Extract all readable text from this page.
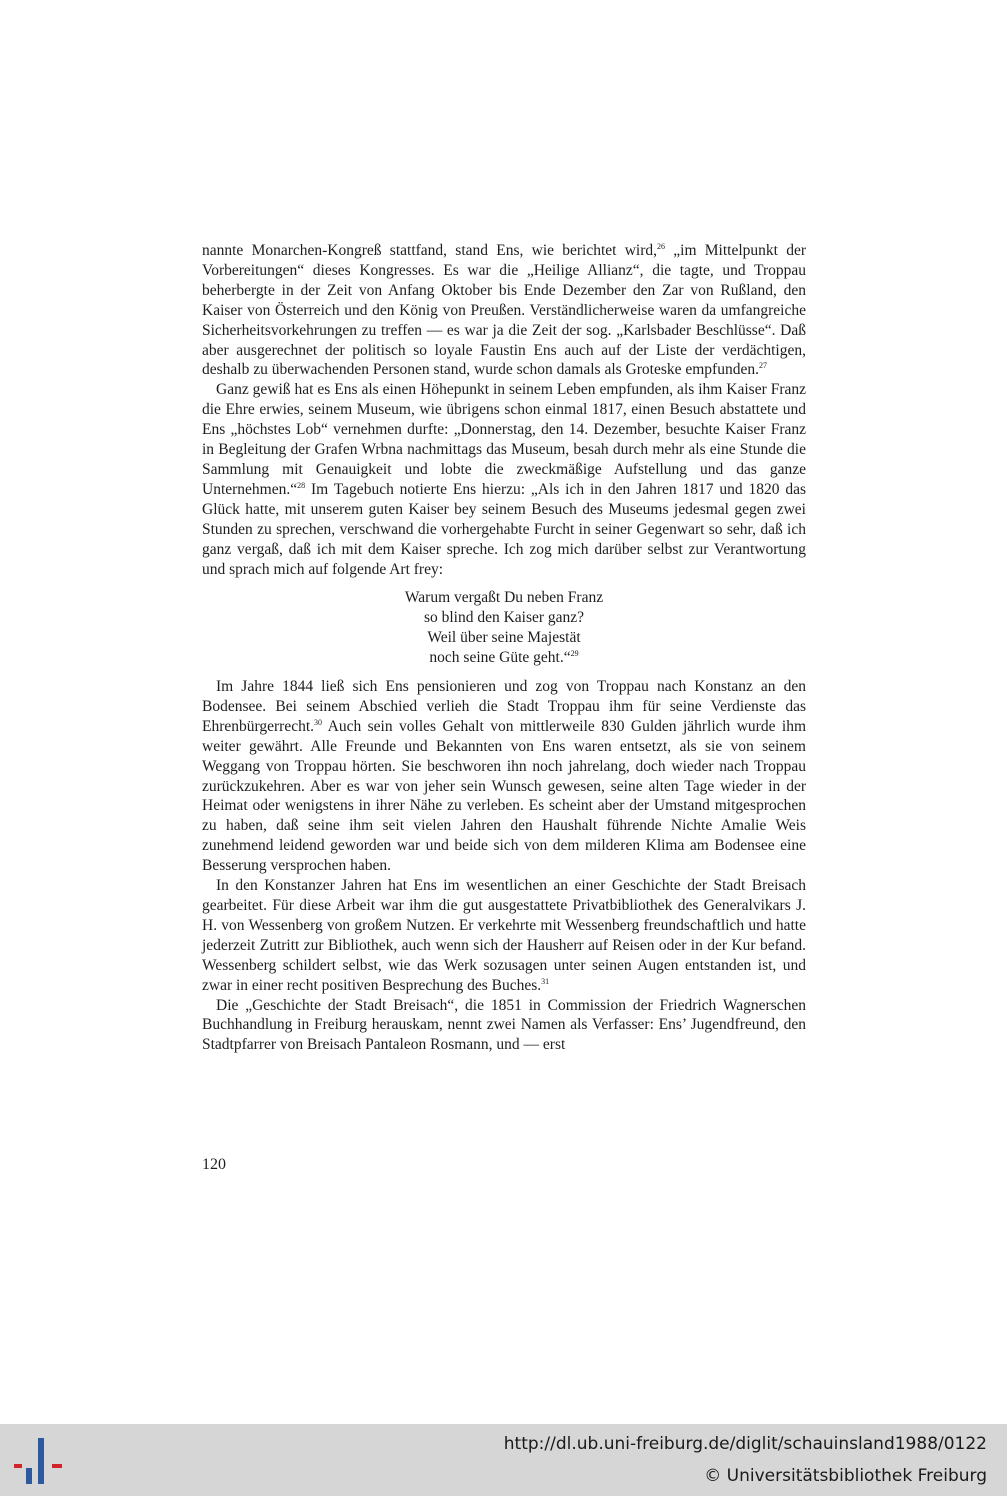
nannte Monarchen-Kongreß stattfand, stand Ens, wie berichtet wird,$^{26}$ „im Mittelpunkt der Vorbereitungen“ dieses Kongresses. Es war die „Heilige Allianz“, die tagte, und Troppau beherbergte in der Zeit von Anfang Oktober bis Ende Dezember den Zar von Rußland, den Kaiser von Österreich und den König von Preußen. Verständlicherweise waren da umfangreiche Sicherheitsvorkehrungen zu treffen — es war ja die Zeit der sog. „Karlsbader Beschlüsse“. Daß aber ausgerechnet der politisch so loyale Faustin Ens auch auf der Liste der verdächtigen, deshalb zu überwachenden Personen stand, wurde schon damals als Groteske empfunden.$^{27}$

Ganz gewiß hat es Ens als einen Höhepunkt in seinem Leben empfunden, als ihm Kaiser Franz die Ehre erwies, seinem Museum, wie übrigens schon einmal 1817, einen Besuch abstattete und Ens „höchstes Lob“ vernehmen durfte: „Donnerstag, den 14. Dezember, besuchte Kaiser Franz in Begleitung der Grafen Wrbna nachmittags das Museum, besah durch mehr als eine Stunde die Sammlung mit Genauigkeit und lobte die zweckmäßige Aufstellung und das ganze Unternehmen.“$^{28}$ Im Tagebuch notierte Ens hierzu: „Als ich in den Jahren 1817 und 1820 das Glück hatte, mit unserem guten Kaiser bey seinem Besuch des Museums jedesmal gegen zwei Stunden zu sprechen, verschwand die vorhergehabte Furcht in seiner Gegenwart so sehr, daß ich ganz vergaß, daß ich mit dem Kaiser spreche. Ich zog mich darüber selbst zur Verantwortung und sprach mich auf folgende Art frey:

Warum vergaßt Du neben Franz
so blind den Kaiser ganz?
Weil über seine Majestät
noch seine Güte geht.“$^{29}$

Im Jahre 1844 ließ sich Ens pensionieren und zog von Troppau nach Konstanz an den Bodensee. Bei seinem Abschied verlieh die Stadt Troppau ihm für seine Verdienste das Ehrenbürgerrecht.$^{30}$ Auch sein volles Gehalt von mittlerweile 830 Gulden jährlich wurde ihm weiter gewährt. Alle Freunde und Bekannten von Ens waren entsetzt, als sie von seinem Weggang von Troppau hörten. Sie beschworen ihn noch jahrelang, doch wieder nach Troppau zurückzukehren. Aber es war von jeher sein Wunsch gewesen, seine alten Tage wieder in der Heimat oder wenigstens in ihrer Nähe zu verleben. Es scheint aber der Umstand mitgesprochen zu haben, daß seine ihm seit vielen Jahren den Haushalt führende Nichte Amalie Weis zunehmend leidend geworden war und beide sich von dem milderen Klima am Bodensee eine Besserung versprochen haben.

In den Konstanzer Jahren hat Ens im wesentlichen an einer Geschichte der Stadt Breisach gearbeitet. Für diese Arbeit war ihm die gut ausgestattete Privatbibliothek des Generalvikars J. H. von Wessenberg von großem Nutzen. Er verkehrte mit Wessenberg freundschaftlich und hatte jederzeit Zutritt zur Bibliothek, auch wenn sich der Hausherr auf Reisen oder in der Kur befand. Wessenberg schildert selbst, wie das Werk sozusagen unter seinen Augen entstanden ist, und zwar in einer recht positiven Besprechung des Buches.$^{31}$

Die „Geschichte der Stadt Breisach“, die 1851 in Commission der Friedrich Wagnerschen Buchhandlung in Freiburg herauskam, nennt zwei Namen als Verfasser: Ens’ Jugendfreund, den Stadtpfarrer von Breisach Pantaleon Rosmann, und — erst

120
http://dl.ub.uni-freiburg.de/diglit/schauinsland1988/0122
© Universitätsbibliothek Freiburg
